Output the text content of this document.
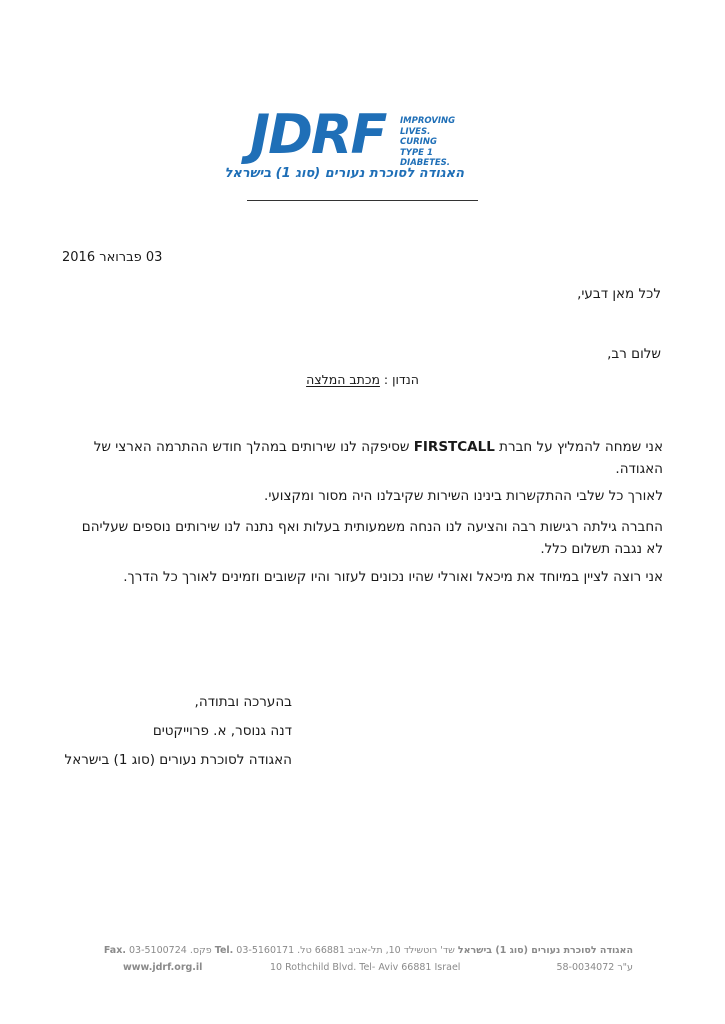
JDRF IMPROVING
LIVES.
CURING
TYPE 1
DIABETES.
האגודה לסוכרת נעורים (סוג 1) בישראל
03 פברואר 2016
לכל מאן דבעי,
שלום רב,
הנדון : מכתב המלצה
אני שמחה להמליץ על חברת FIRSTCALL שסיפקה לנו שירותים במהלך חודש ההתרמה הארצי של האגודה.
לאורך כל שלבי ההתקשרות בינינו השירות שקיבלנו היה מסור ומקצועי.
החברה גילתה רגישות רבה והציעה לנו הנחה משמעותית בעלות ואף נתנה לנו שירותים נוספים שעליהם לא נגבה תשלום כלל.
אני רוצה לציין במיוחד את מיכאל ואורלי שהיו נכונים לעזור והיו קשובים וזמינים לאורך כל הדרך.
בהערכה ובתודה,
דנה גנוסר, א. פרוייקטים
האגודה לסוכרת נעורים (סוג 1) בישראל
האגודה לסוכרת נעורים (סוג 1) בישראל שד' רוטשילד 10, תל-אביב 66881 טל. Tel. 03-5160171 פקס. Fax. 03-5100724
www.jdrf.org.il	10 Rothchild Blvd. Tel- Aviv 66881 Israel	ע"ר 58-0034072
